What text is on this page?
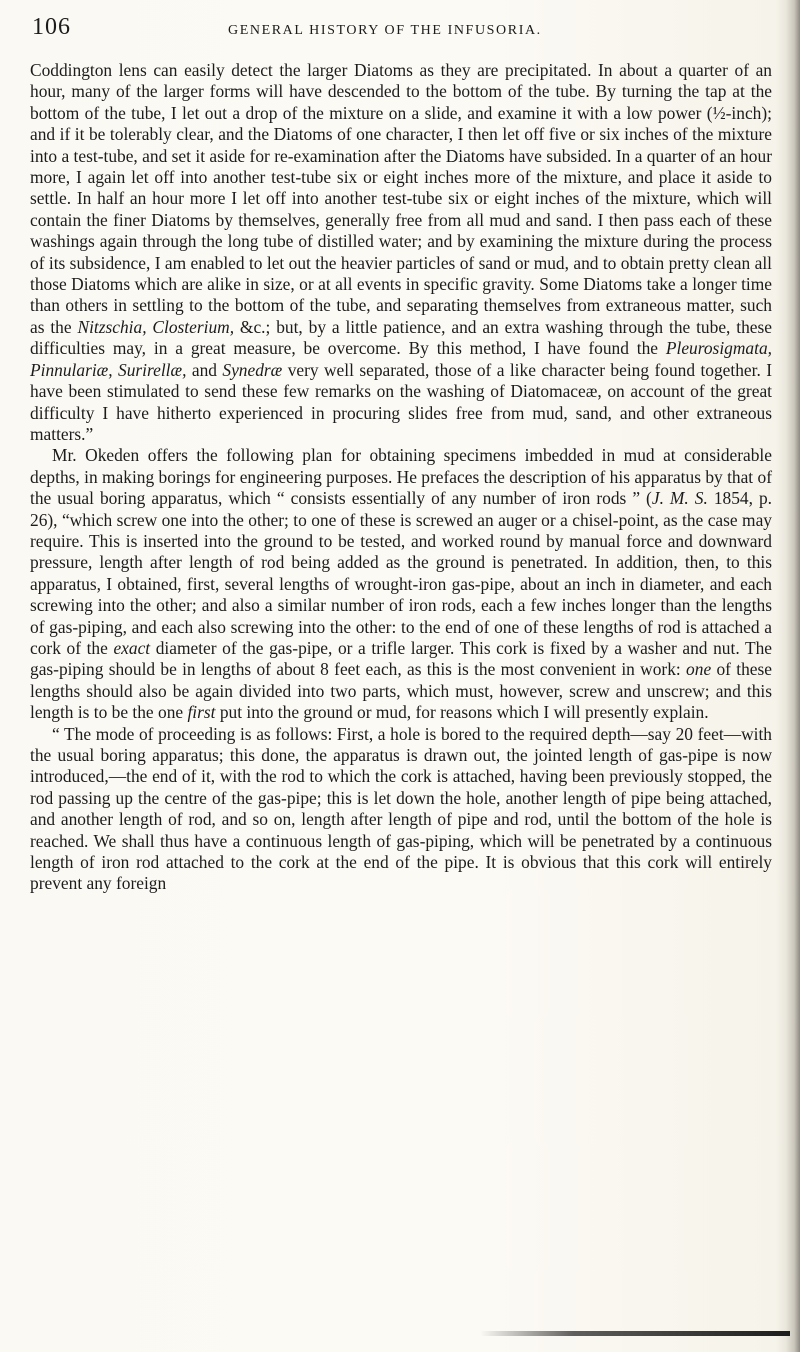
106	GENERAL HISTORY OF THE INFUSORIA.

Coddington lens can easily detect the larger Diatoms as they are precipitated. In about a quarter of an hour, many of the larger forms will have descended to the bottom of the tube. By turning the tap at the bottom of the tube, I let out a drop of the mixture on a slide, and examine it with a low power (½-inch); and if it be tolerably clear, and the Diatoms of one character, I then let off five or six inches of the mixture into a test-tube, and set it aside for re-examination after the Diatoms have subsided. In a quarter of an hour more, I again let off into another test-tube six or eight inches more of the mixture, and place it aside to settle. In half an hour more I let off into another test-tube six or eight inches of the mixture, which will contain the finer Diatoms by themselves, generally free from all mud and sand. I then pass each of these washings again through the long tube of distilled water; and by examining the mixture during the process of its subsidence, I am enabled to let out the heavier particles of sand or mud, and to obtain pretty clean all those Diatoms which are alike in size, or at all events in specific gravity. Some Diatoms take a longer time than others in settling to the bottom of the tube, and separating themselves from extraneous matter, such as the Nitzschia, Closterium, &c.; but, by a little patience, and an extra washing through the tube, these difficulties may, in a great measure, be overcome. By this method, I have found the Pleurosigmata, Pinnulariæ, Surirellæ, and Synedræ very well separated, those of a like character being found together. I have been stimulated to send these few remarks on the washing of Diatomaceæ, on account of the great difficulty I have hitherto experienced in procuring slides free from mud, sand, and other extraneous matters.”

Mr. Okeden offers the following plan for obtaining specimens imbedded in mud at considerable depths, in making borings for engineering purposes. He prefaces the description of his apparatus by that of the usual boring apparatus, which “ consists essentially of any number of iron rods ” (J. M. S. 1854, p. 26), “which screw one into the other; to one of these is screwed an auger or a chisel-point, as the case may require. This is inserted into the ground to be tested, and worked round by manual force and downward pressure, length after length of rod being added as the ground is penetrated. In addition, then, to this apparatus, I obtained, first, several lengths of wrought-iron gas-pipe, about an inch in diameter, and each screwing into the other; and also a similar number of iron rods, each a few inches longer than the lengths of gas-piping, and each also screwing into the other: to the end of one of these lengths of rod is attached a cork of the exact diameter of the gas-pipe, or a trifle larger. This cork is fixed by a washer and nut. The gas-piping should be in lengths of about 8 feet each, as this is the most convenient in work: one of these lengths should also be again divided into two parts, which must, however, screw and unscrew; and this length is to be the one first put into the ground or mud, for reasons which I will presently explain.

“ The mode of proceeding is as follows: First, a hole is bored to the required depth—say 20 feet—with the usual boring apparatus; this done, the apparatus is drawn out, the jointed length of gas-pipe is now introduced,—the end of it, with the rod to which the cork is attached, having been previously stopped, the rod passing up the centre of the gas-pipe; this is let down the hole, another length of pipe being attached, and another length of rod, and so on, length after length of pipe and rod, until the bottom of the hole is reached. We shall thus have a continuous length of gas-piping, which will be penetrated by a continuous length of iron rod attached to the cork at the end of the pipe. It is obvious that this cork will entirely prevent any foreign
